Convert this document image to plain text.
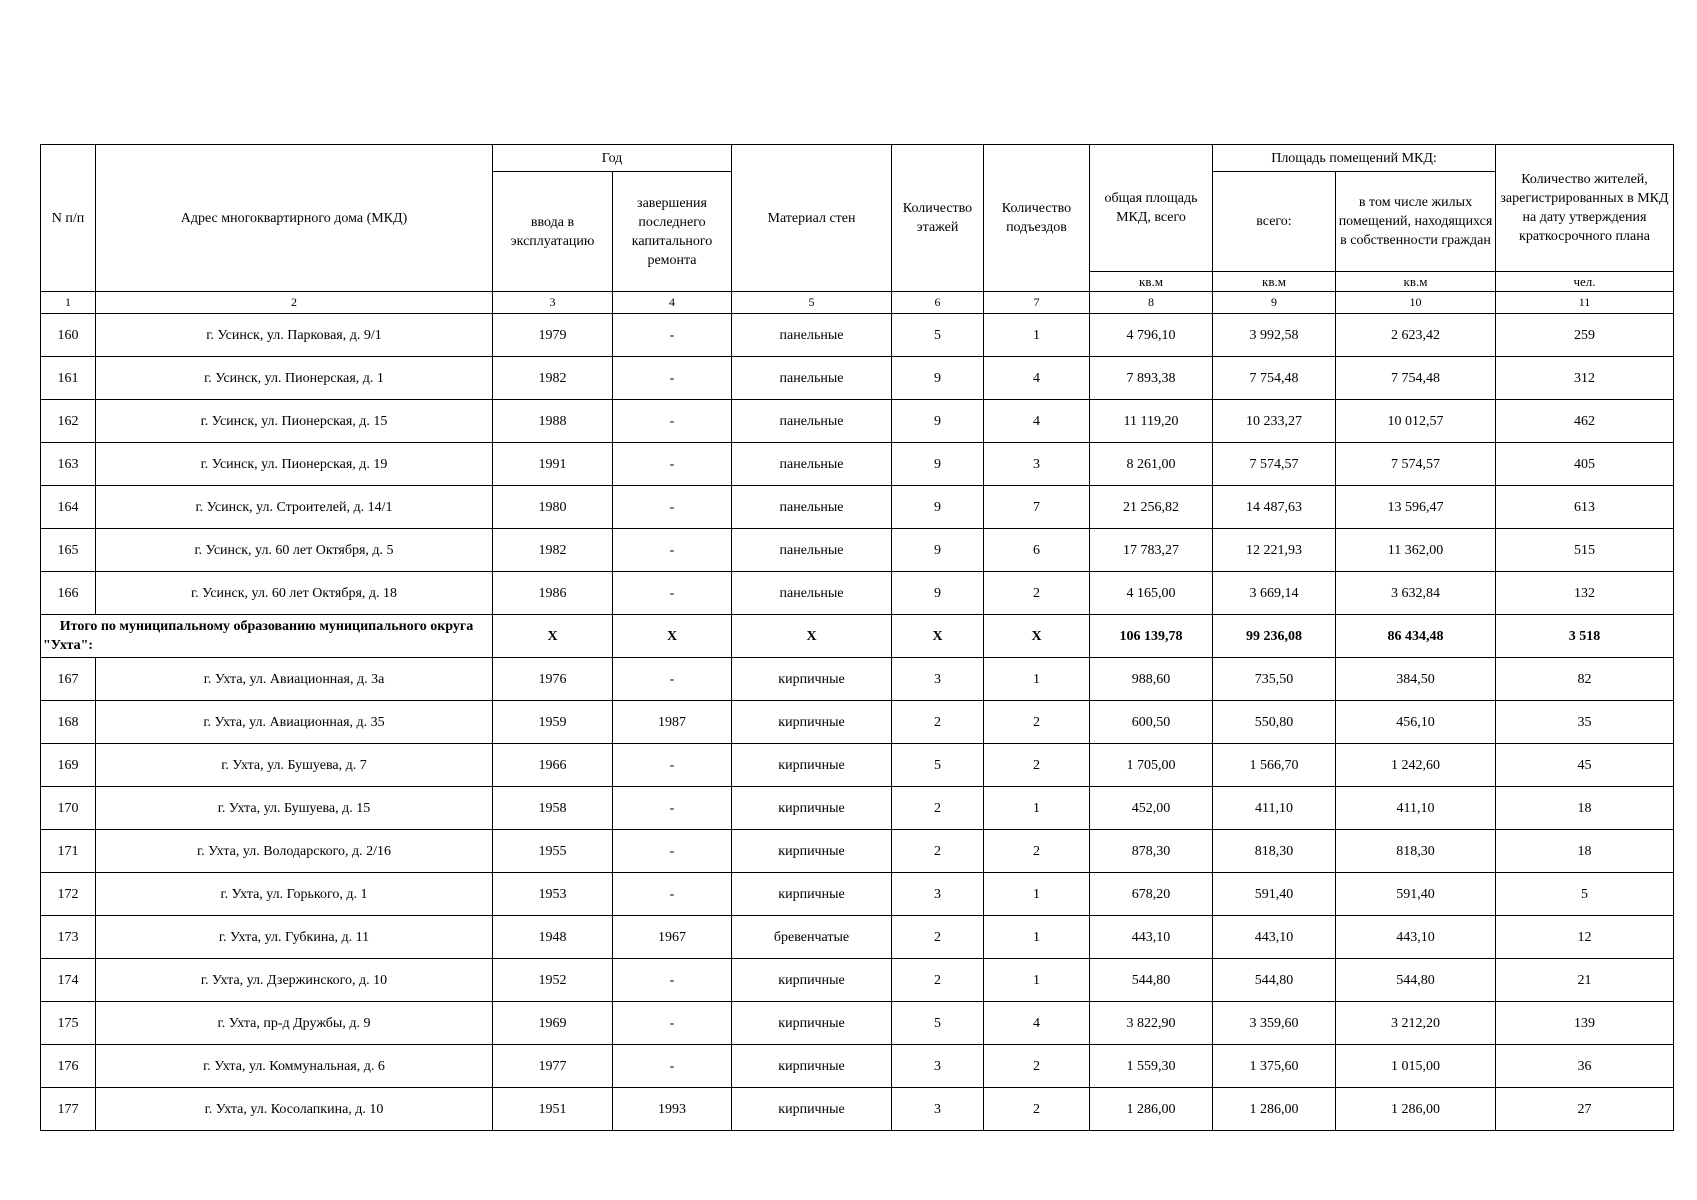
N п/п	Адрес многоквартирного дома (МКД)	Год		Материал стен	Количество этажей	Количество подъездов	общая площадь МКД, всего	Площадь помещений МКД:		Количество жителей, зарегистрированных в МКД на дату утверждения краткосрочного плана
		ввода в эксплуатацию	завершения последнего капитального ремонта					всего:	в том числе жилых помещений, находящихся в собственности граждан	
							кв.м	кв.м	кв.м	чел.
1	2	3	4	5	6	7	8	9	10	11
160	г. Усинск, ул. Парковая, д. 9/1	1979	-	панельные	5	1	4 796,10	3 992,58	2 623,42	259
161	г. Усинск, ул. Пионерская, д. 1	1982	-	панельные	9	4	7 893,38	7 754,48	7 754,48	312
162	г. Усинск, ул. Пионерская, д. 15	1988	-	панельные	9	4	11 119,20	10 233,27	10 012,57	462
163	г. Усинск, ул. Пионерская, д. 19	1991	-	панельные	9	3	8 261,00	7 574,57	7 574,57	405
164	г. Усинск, ул. Строителей, д. 14/1	1980	-	панельные	9	7	21 256,82	14 487,63	13 596,47	613
165	г. Усинск, ул. 60 лет Октября, д. 5	1982	-	панельные	9	6	17 783,27	12 221,93	11 362,00	515
166	г. Усинск, ул. 60 лет Октября, д. 18	1986	-	панельные	9	2	4 165,00	3 669,14	3 632,84	132
Итого по муниципальному образованию муниципального округа "Ухта":		X	X	X	X	X	106 139,78	99 236,08	86 434,48	3 518
167	г. Ухта, ул. Авиационная, д. 3а	1976	-	кирпичные	3	1	988,60	735,50	384,50	82
168	г. Ухта, ул. Авиационная, д. 35	1959	1987	кирпичные	2	2	600,50	550,80	456,10	35
169	г. Ухта, ул. Бушуева, д. 7	1966	-	кирпичные	5	2	1 705,00	1 566,70	1 242,60	45
170	г. Ухта, ул. Бушуева, д. 15	1958	-	кирпичные	2	1	452,00	411,10	411,10	18
171	г. Ухта, ул. Володарского, д. 2/16	1955	-	кирпичные	2	2	878,30	818,30	818,30	18
172	г. Ухта, ул. Горького, д. 1	1953	-	кирпичные	3	1	678,20	591,40	591,40	5
173	г. Ухта, ул. Губкина, д. 11	1948	1967	бревенчатые	2	1	443,10	443,10	443,10	12
174	г. Ухта, ул. Дзержинского, д. 10	1952	-	кирпичные	2	1	544,80	544,80	544,80	21
175	г. Ухта, пр-д Дружбы, д. 9	1969	-	кирпичные	5	4	3 822,90	3 359,60	3 212,20	139
176	г. Ухта, ул. Коммунальная, д. 6	1977	-	кирпичные	3	2	1 559,30	1 375,60	1 015,00	36
177	г. Ухта, ул. Косолапкина, д. 10	1951	1993	кирпичные	3	2	1 286,00	1 286,00	1 286,00	27
